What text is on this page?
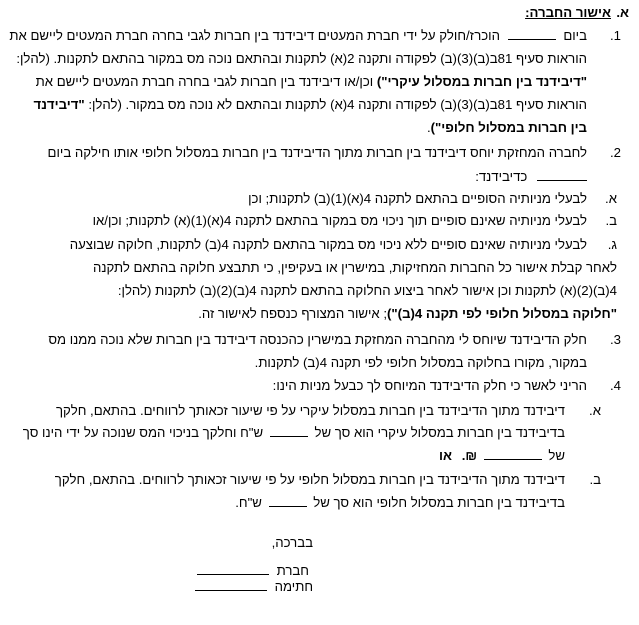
א.
אישור החברה:
1.
ביום  הוכרז/חולק על ידי חברת המעטים דיבידנד בין חברות לגבי בחרה חברת המעטים ליישם את
הוראות סעיף 81ב(ב)(3)(ב) לפקודה ותקנה 2(א) לתקנות ובהתאם נוכה מס במקור בהתאם לתקנות. (להלן:
"דיבידנד בין חברות במסלול עיקרי") וכן/או דיבידנד בין חברות לגבי בחרה חברת המעטים ליישם את
הוראות סעיף 81ב(ב)(3)(ב) לפקודה ותקנה 4(א) לתקנות ובהתאם לא נוכה מס במקור. (להלן: "דיבידנד
בין חברות במסלול חלופי").
2.
לחברה המחזקת יוחס דיבידנד בין חברות מתוך הדיבידנד בין חברות במסלול חלופי אותו חילקה ביום
כדיבידנד:
א.
לבעלי מניותיה הסופיים בהתאם לתקנה 4(א)(1)(ב) לתקנות; וכן
ב.
לבעלי מניותיה שאינם סופיים תוך ניכוי מס במקור בהתאם לתקנה 4(א)(1)(א) לתקנות; וכן/או
ג.
לבעלי מניותיה שאינם סופיים ללא ניכוי מס במקור בהתאם לתקנה 4(ב) לתקנות, חלוקה שבוצעה
לאחר קבלת אישור כל החברות המחזיקות, במישרין או בעקיפין, כי תתבצע חלוקה בהתאם לתקנה
4(ב)(2)(א) לתקנות וכן אישור לאחר ביצוע החלוקה בהתאם לתקנה 4(ב)(2)(ב) לתקנות (להלן:
"חלוקה במסלול חלופי לפי תקנה 4(ב)"); אישור המצורף כנספח לאישור זה.
3.
חלק הדיבידנד שיוחס לי מהחברה המחזקת במישרין כהכנסה דיבידנד בין חברות שלא נוכה ממנו מס
במקור, מקורו בחלוקה במסלול חלופי לפי תקנה 4(ב) לתקנות.
4.
הריני לאשר כי חלק הדיבידנד המיוחס לך כבעל מניות הינו:
א.
דיבידנד מתוך הדיבידנד בין חברות במסלול עיקרי על פי שיעור זכאותך לרווחים. בהתאם, חלקך
בדיבידנד בין חברות במסלול עיקרי הוא סך של  ש"ח וחלקך בניכוי המס שנוכה על ידי הינו סך
של  ₪. או
ב.
דיבידנד מתוך הדיבידנד בין חברות במסלול חלופי על פי שיעור זכאותך לרווחים. בהתאם, חלקך
בדיבידנד בין חברות במסלול חלופי הוא סך של  ש"ח.
בברכה,
חברת
חתימה
